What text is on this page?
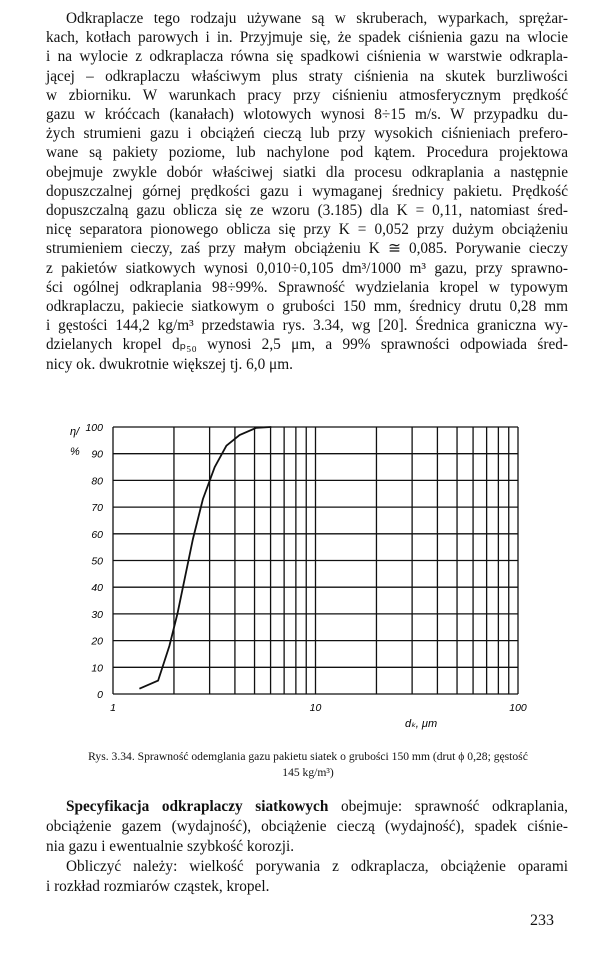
Odkraplacze tego rodzaju używane są w skruberach, wyparkach, sprężar-
kach, kotłach parowych i in. Przyjmuje się, że spadek ciśnienia gazu na wlocie
i na wylocie z odkraplacza równa się spadkowi ciśnienia w warstwie odkrapla-
jącej – odkraplaczu właściwym plus straty ciśnienia na skutek burzliwości
w zbiorniku. W warunkach pracy przy ciśnieniu atmosferycznym prędkość
gazu w króćcach (kanałach) wlotowych wynosi 8÷15 m/s. W przypadku du-
żych strumieni gazu i obciążeń cieczą lub przy wysokich ciśnieniach prefero-
wane są pakiety poziome, lub nachylone pod kątem. Procedura projektowa
obejmuje zwykle dobór właściwej siatki dla procesu odkraplania a następnie
dopuszczalnej górnej prędkości gazu i wymaganej średnicy pakietu. Prędkość
dopuszczalną gazu oblicza się ze wzoru (3.185) dla K = 0,11, natomiast śred-
nicę separatora pionowego oblicza się przy K = 0,052 przy dużym obciążeniu
strumieniem cieczy, zaś przy małym obciążeniu K ≅ 0,085. Porywanie cieczy
z pakietów siatkowych wynosi 0,010÷0,105 dm³/1000 m³ gazu, przy sprawno-
ści ogólnej odkraplania 98÷99%. Sprawność wydzielania kropel w typowym
odkraplaczu, pakiecie siatkowym o grubości 150 mm, średnicy drutu 0,28 mm
i gęstości 144,2 kg/m³ przedstawia rys. 3.34, wg [20]. Średnica graniczna wy-
dzielanych kropel dₚ₅₀ wynosi 2,5 μm, a 99% sprawności odpowiada śred-
nicy ok. dwukrotnie większej tj. 6,0 μm.
0
10
20
30
40
50
60
70
80
90
100
1	10	100
η/
%
dₖ, μm
Rys. 3.34. Sprawność odemglania gazu pakietu siatek o grubości 150 mm (drut ϕ 0,28; gęstość
145 kg/m³)
Specyfikacja odkraplaczy siatkowych obejmuje: sprawność odkraplania,
obciążenie gazem (wydajność), obciążenie cieczą (wydajność), spadek ciśnie-
nia gazu i ewentualnie szybkość korozji.
Obliczyć należy: wielkość porywania z odkraplacza, obciążenie oparami
i rozkład rozmiarów cząstek, kropel.
233
